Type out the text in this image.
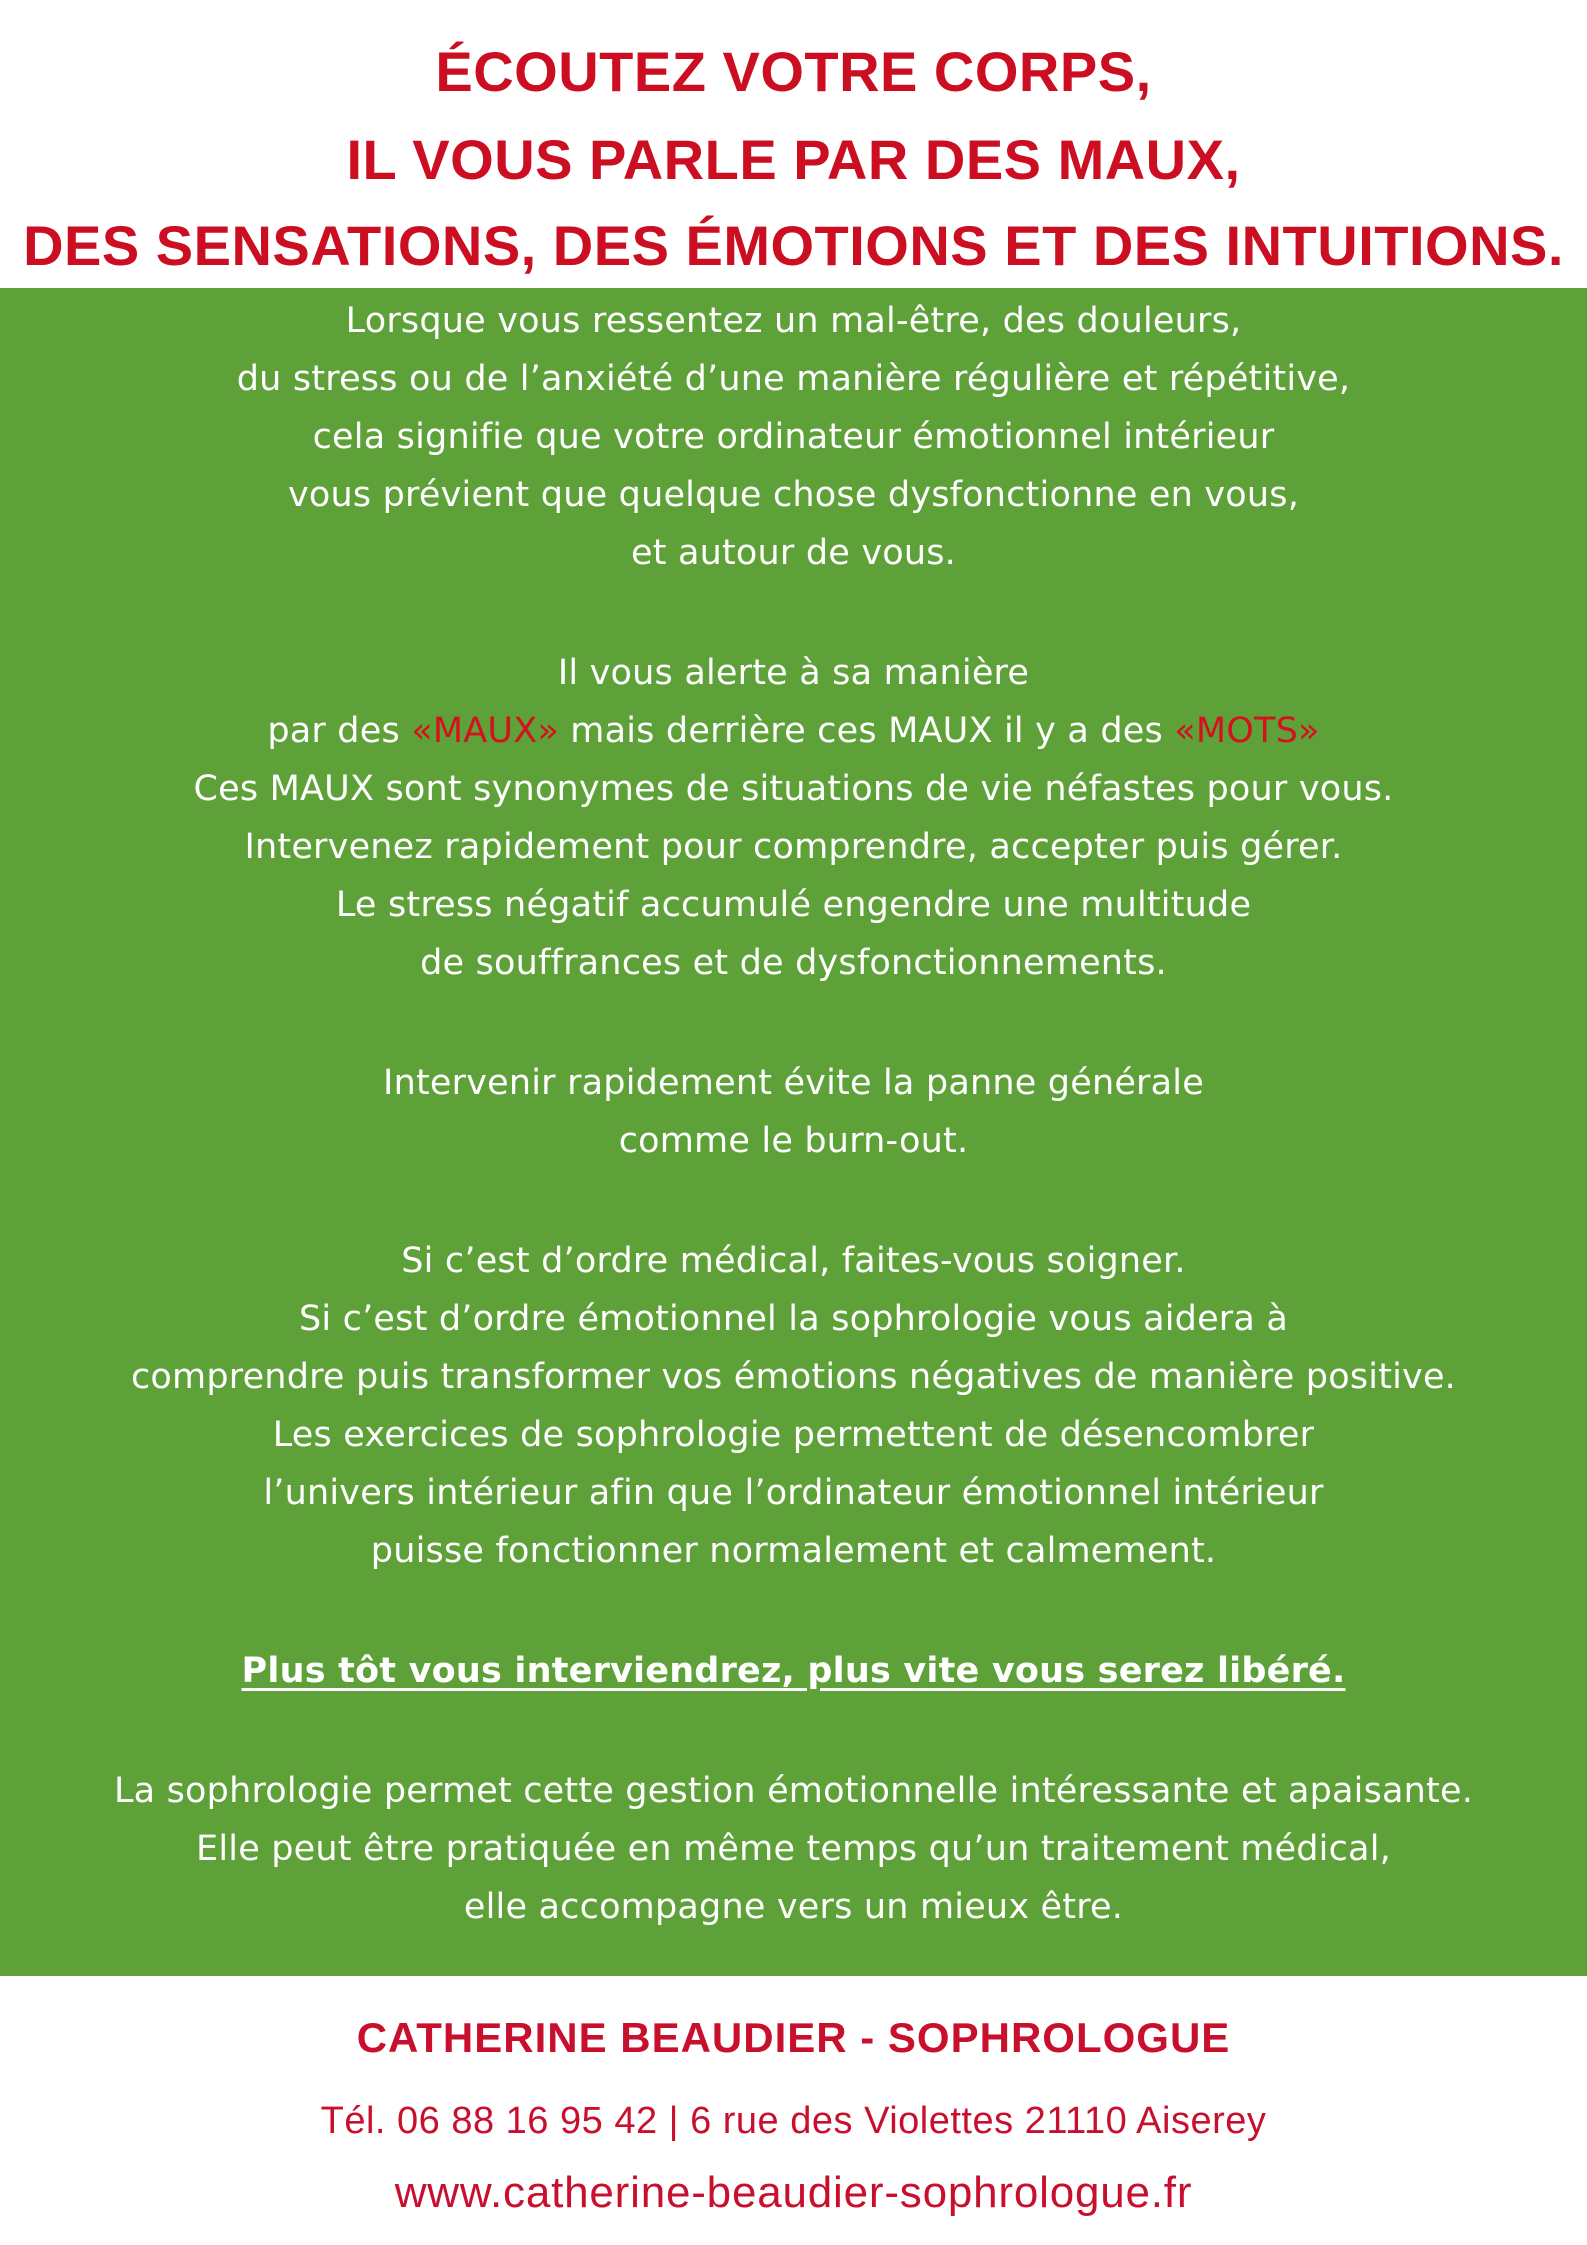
ÉCOUTEZ VOTRE CORPS,
IL VOUS PARLE PAR DES MAUX,
DES SENSATIONS, DES ÉMOTIONS ET DES INTUITIONS.
Lorsque vous ressentez un mal-être, des douleurs,
du stress ou de l’anxiété d’une manière régulière et répétitive,
cela signifie que votre ordinateur émotionnel intérieur
vous prévient que quelque chose dysfonctionne en vous,
et autour de vous.
Il vous alerte à sa manière
par des «MAUX» mais derrière ces MAUX il y a des «MOTS»
Ces MAUX sont synonymes de situations de vie néfastes pour vous.
Intervenez rapidement pour comprendre, accepter puis gérer.
Le stress négatif accumulé engendre une multitude
de souffrances et de dysfonctionnements.
Intervenir rapidement évite la panne générale
comme le burn-out.
Si c’est d’ordre médical, faites-vous soigner.
Si c’est d’ordre émotionnel la sophrologie vous aidera à
comprendre puis transformer vos émotions négatives de manière positive.
Les exercices de sophrologie permettent de désencombrer
l’univers intérieur afin que l’ordinateur émotionnel intérieur
puisse fonctionner normalement et calmement.
Plus tôt vous interviendrez, plus vite vous serez libéré.
La sophrologie permet cette gestion émotionnelle intéressante et apaisante.
Elle peut être pratiquée en même temps qu’un traitement médical,
elle accompagne vers un mieux être.
CATHERINE BEAUDIER - SOPHROLOGUE
Tél. 06 88 16 95 42 | 6 rue des Violettes 21110 Aiserey
www.catherine-beaudier-sophrologue.fr
